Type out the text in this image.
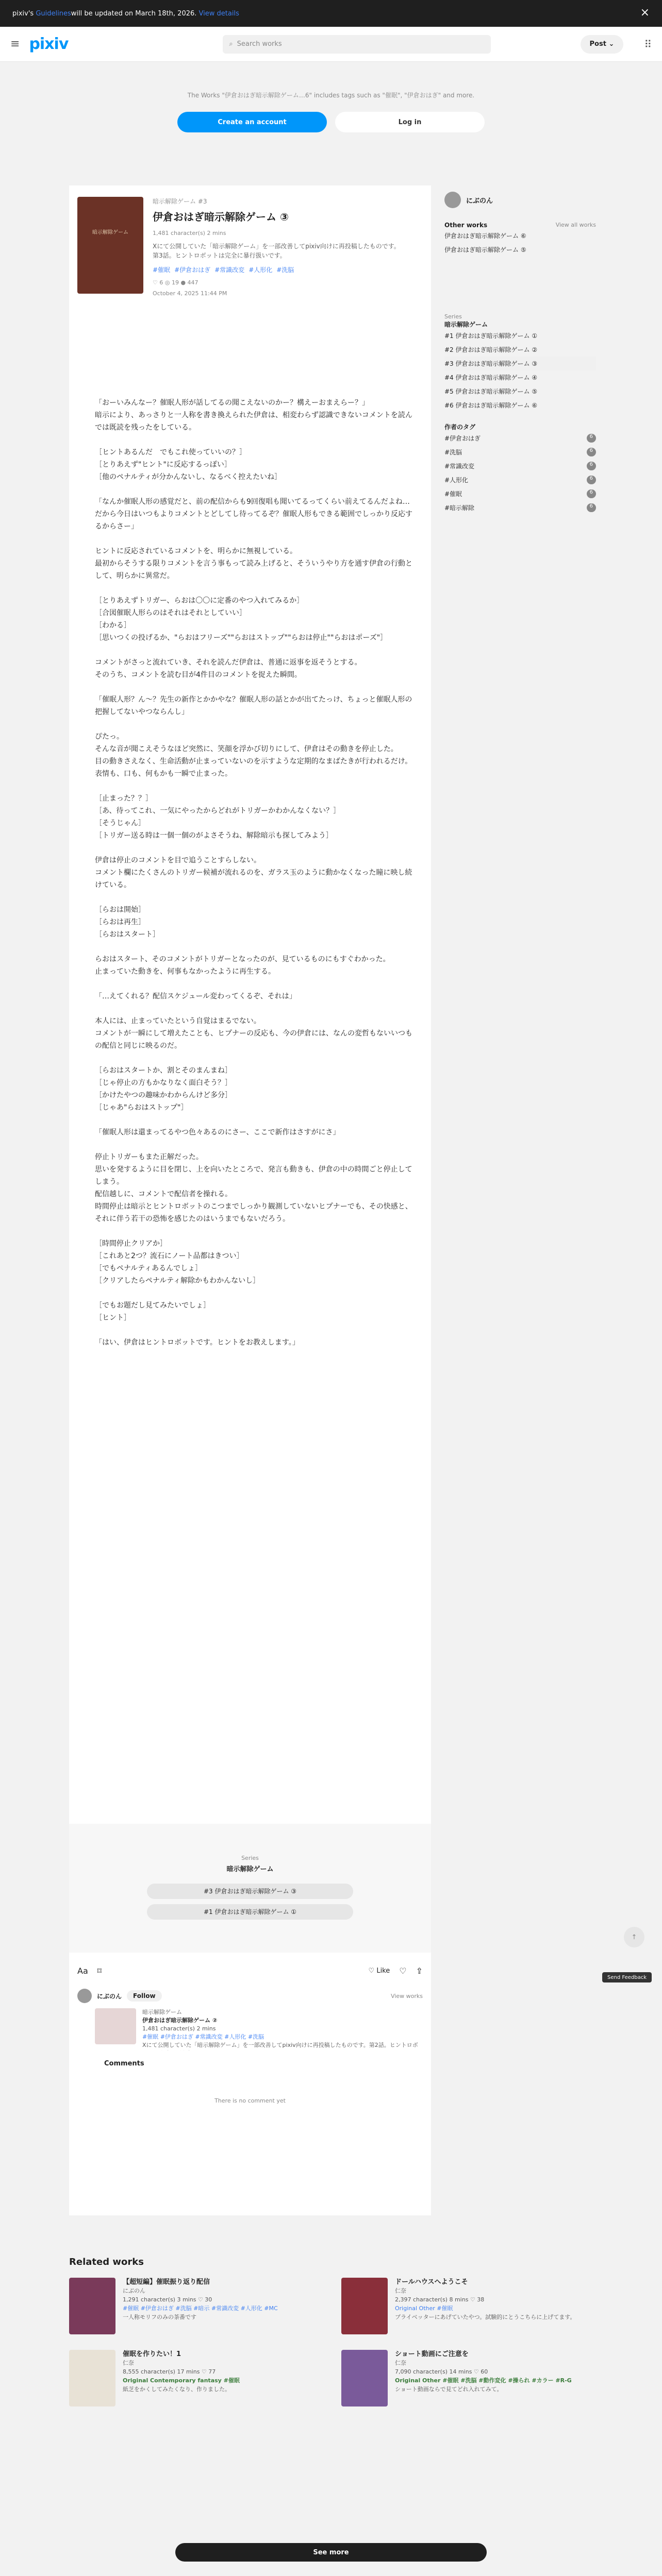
pixiv's
Guidelines will be updated on March 18th, 2026.
View details	×
≡ pixiv	⌕ Search works	Post ⌄	⠿
The Works "伊倉おはぎ暗示解除ゲーム…6" includes tags such as "催眠", "伊倉おはぎ" and more.
Create an account	Log in
暗示解除ゲーム
暗示解除ゲーム #3
伊倉おはぎ暗示解除ゲーム ③
1,481 character(s) 2 mins
Xにて公開していた「暗示解除ゲーム」を一部改善してpixiv向けに再投稿したものです。
第3話。ヒントロボットは完全に暴行扱いです。
#催眠 #伊倉おはぎ #常識改変 #人形化 #洗脳
♡ 6 ◎ 19 ● 447
October 4, 2025 11:44 PM
「おーいみんなー？催眠人形が話してるの聞こえないのかー？構えーおまえらー？」
暗示により、あっさりと一人称を書き換えられた伊倉は、相変わらず認識できないコメントを読んでは既読を残ったをしている。

［ヒントあるんだ　でもこれ使っていいの？］
［とりあえず"ヒント"に反応するっぽい］
［他のペナルティが分かんないし、なるべく控えたいね］

「なんか催眠人形の感覚だと、前の配信からも9回復唱も聞いてるってくらい前えてるんだよね…だから今日はいつもよりコメントとどしてし待ってるぞ？催眠人形もできる範囲でしっかり反応するからさー」

ヒントに反応されているコメントを、明らかに無視している。
最初からそうする限りコメントを言う事もって読み上げると、そういうやり方を通す伊倉の行動として、明らかに異常だ。

［とりあえずトリガー、らおは〇〇に定番のやつ入れてみるか］
［合図催眠人形らのはそれはそれとしていい］
［わかる］
［思いつくの投げるか、"らおはフリーズ""らおはストップ""らおは停止""らおはポーズ"］

コメントがさっと流れていき、それを読んだ伊倉は、普通に返事を返そうとする。
そのうち、コメントを読む目が4件目のコメントを捉えた瞬間。

「催眠人形？ん～？先生の新作とかかやな？催眠人形の話とかが出てたっけ、ちょっと催眠人形の把握してないやつならんし」

ぴたっ。
そんな音が聞こえそうなほど突然に、笑顔を浮かび切りにして、伊倉はその動きを停止した。
目の動きさえなく、生命活動が止まっていないのを示すような定期的なまばたきが行われるだけ。
表情も、口も、何もかも一瞬で止まった。

［止まった？？］
［あ、待ってこれ、一気にやったからどれがトリガーかわかんなくない？］
［そうじゃん］
［トリガー送る時は一個一個のがよさそうね、解除暗示も探してみよう］

伊倉は停止のコメントを目で追うことすらしない。
コメント欄にたくさんのトリガー候補が流れるのを、ガラス玉のように動かなくなった瞳に映し続けている。

［らおは開始］
［らおは再生］
［らおはスタート］

らおはスタート、そのコメントがトリガーとなったのが、見ているものにもすぐわかった。
止まっていた動きを、何事もなかったように再生する。

「…えてくれる？配信スケジュール変わってくるぞ、それは」

本人には、止まっていたという自覚はまるでない。
コメントが一瞬にして増えたことも、ヒプナーの反応も、今の伊倉には、なんの変哲もないいつもの配信と同じに映るのだ。

［らおはスタートか、割とそのまんまね］
［じゃ停止の方もかなりなく面白そう？］
［かけたやつの趣味かわからんけど多分］
［じゃあ"らおはストップ"］

「催眠人形は還まってるやつ色々あるのにさー、ここで新作はさすがにさ」

停止トリガーもまた正解だった。
思いを発するように目を閉じ、上を向いたところで、発言も動きも、伊倉の中の時間ごと停止してしまう。
配信越しに、コメントで配信者を操れる。
時間停止は暗示とヒントロボットのこつまでしっかり観測していないヒプナーでも、その快感と、それに伴う若干の恐怖を感じたのはいうまでもないだろう。

［時間停止クリアか］
［これあと2つ？流石にノート品都はきつい］
［でもペナルティあるんでしょ］
［クリアしたらペナルティ解除かもわかんないし］

［でもお題だし見てみたいでしょ］
［ヒント］

「はい、伊倉はヒントロボットです。ヒントをお教えします。」
にぶのん
Other works	View all works
伊倉おはぎ暗示解除ゲーム ⑥
伊倉おはぎ暗示解除ゲーム ⑤
Series
暗示解除ゲーム
#1 伊倉おはぎ暗示解除ゲーム ①
#2 伊倉おはぎ暗示解除ゲーム ②
#3 伊倉おはぎ暗示解除ゲーム ③
#4 伊倉おはぎ暗示解除ゲーム ④
#5 伊倉おはぎ暗示解除ゲーム ⑤
#6 伊倉おはぎ暗示解除ゲーム ⑥
作者のタグ
#伊倉おはぎ	6
#洗脳	6
#常識改変	6
#人形化	6
#催眠	6
#暗示解除	6
Series
暗示解除ゲーム
#3 伊倉おはぎ暗示解除ゲーム ③
#1 伊倉おはぎ暗示解除ゲーム ①
Aa ⌑	♡ Like ♡ ⇪
にぶのん	Follow	View works
暗示解除ゲーム
伊倉おはぎ暗示解除ゲーム ②
1,481 character(s) 2 mins
#催眠 #伊倉おはぎ #常識改変 #人形化 #洗脳
Xにて公開していた「暗示解除ゲーム」を一部改善してpixiv向けに再投稿したものです。第2話。ヒントロボ
Comments
There is no comment yet
↑
Send Feedback
Related works
【超短編】催眠振り返り配信
にぶのん
1,291 character(s) 3 mins ♡ 30
#催眠 #伊倉おはぎ #洗脳 #暗示 #常識改変 #人形化 #MC
一人称モリフのみの茶番です
ドールハウスへようこそ
仁奈
2,397 character(s) 8 mins ♡ 38
Original Other #催眠
プライベッターにあげていたやつ。試験的にとうこちらに上げてます。
催眠を作りたい！1
仁奈
8,555 character(s) 17 mins ♡ 77
Original Contemporary fantasy #催眠
紙芝をかくしてみたくなり、作りました。
ショート動画にご注意を
仁奈
7,090 character(s) 14 mins ♡ 60
Original Other #催眠 #洗脳 #動作変化 #操られ #カラー #R-G
ショート動画ならで見てどれ入れてみて。
See more
